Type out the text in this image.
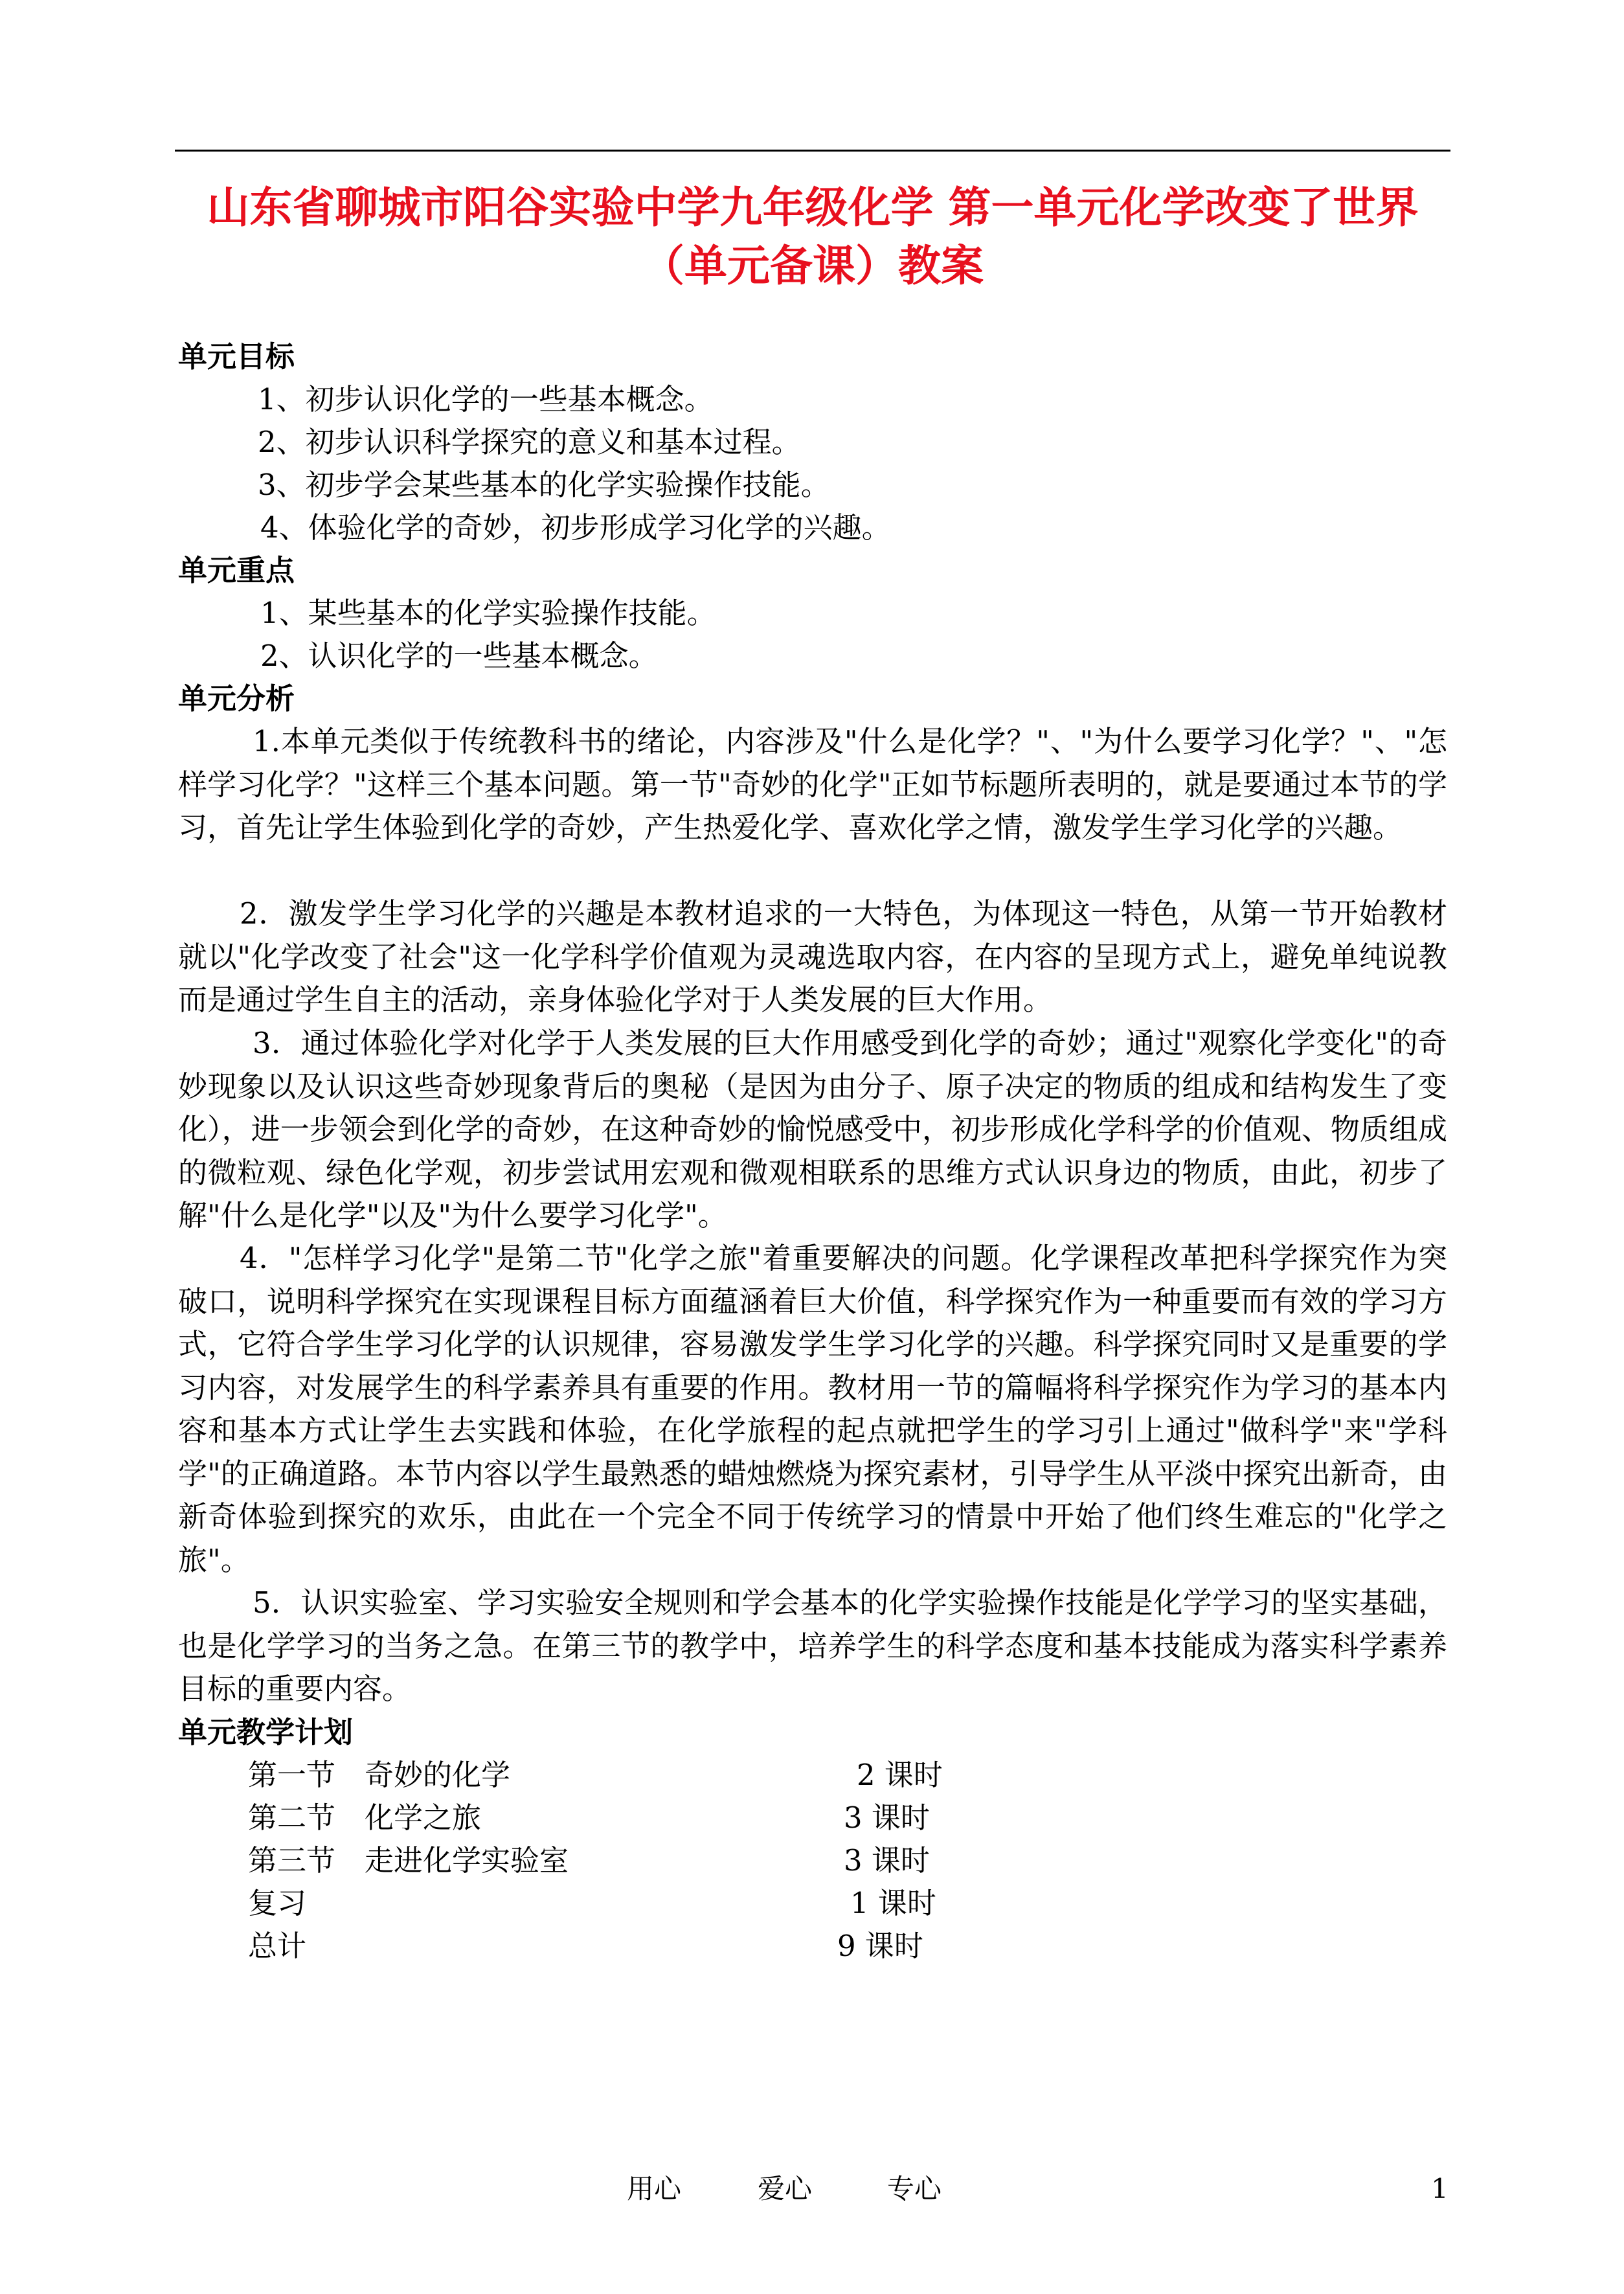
山东省聊城市阳谷实验中学九年级化学 第一单元化学改变了世界
（单元备课）教案
单元目标
1、初步认识化学的一些基本概念。
2、初步认识科学探究的意义和基本过程。
3、初步学会某些基本的化学实验操作技能。
4、体验化学的奇妙，初步形成学习化学的兴趣。
单元重点
1、某些基本的化学实验操作技能。
2、认识化学的一些基本概念。
单元分析
1.本单元类似于传统教科书的绪论，内容涉及"什么是化学？"、"为什么要学习化学？"、"怎样学习化学？"这样三个基本问题。第一节"奇妙的化学"正如节标题所表明的，就是要通过本节的学习，首先让学生体验到化学的奇妙，产生热爱化学、喜欢化学之情，激发学生学习化学的兴趣。
2．激发学生学习化学的兴趣是本教材追求的一大特色，为体现这一特色，从第一节开始教材就以"化学改变了社会"这一化学科学价值观为灵魂选取内容，在内容的呈现方式上，避免单纯说教而是通过学生自主的活动，亲身体验化学对于人类发展的巨大作用。
3．通过体验化学对化学于人类发展的巨大作用感受到化学的奇妙；通过"观察化学变化"的奇妙现象以及认识这些奇妙现象背后的奥秘（是因为由分子、原子决定的物质的组成和结构发生了变化），进一步领会到化学的奇妙，在这种奇妙的愉悦感受中，初步形成化学科学的价值观、物质组成的微粒观、绿色化学观，初步尝试用宏观和微观相联系的思维方式认识身边的物质，由此，初步了解"什么是化学"以及"为什么要学习化学"。
4．"怎样学习化学"是第二节"化学之旅"着重要解决的问题。化学课程改革把科学探究作为突破口，说明科学探究在实现课程目标方面蕴涵着巨大价值，科学探究作为一种重要而有效的学习方式，它符合学生学习化学的认识规律，容易激发学生学习化学的兴趣。科学探究同时又是重要的学习内容，对发展学生的科学素养具有重要的作用。教材用一节的篇幅将科学探究作为学习的基本内容和基本方式让学生去实践和体验，在化学旅程的起点就把学生的学习引上通过"做科学"来"学科学"的正确道路。本节内容以学生最熟悉的蜡烛燃烧为探究素材，引导学生从平淡中探究出新奇，由新奇体验到探究的欢乐，由此在一个完全不同于传统学习的情景中开始了他们终生难忘的"化学之旅"。
5．认识实验室、学习实验安全规则和学会基本的化学实验操作技能是化学学习的坚实基础，也是化学学习的当务之急。在第三节的教学中，培养学生的科学态度和基本技能成为落实科学素养目标的重要内容。
单元教学计划
第一节　奇妙的化学	2 课时
第二节　化学之旅	3 课时
第三节　走进化学实验室	3 课时
复习	1 课时
总计	9 课时
用心	爱心	专心	1
